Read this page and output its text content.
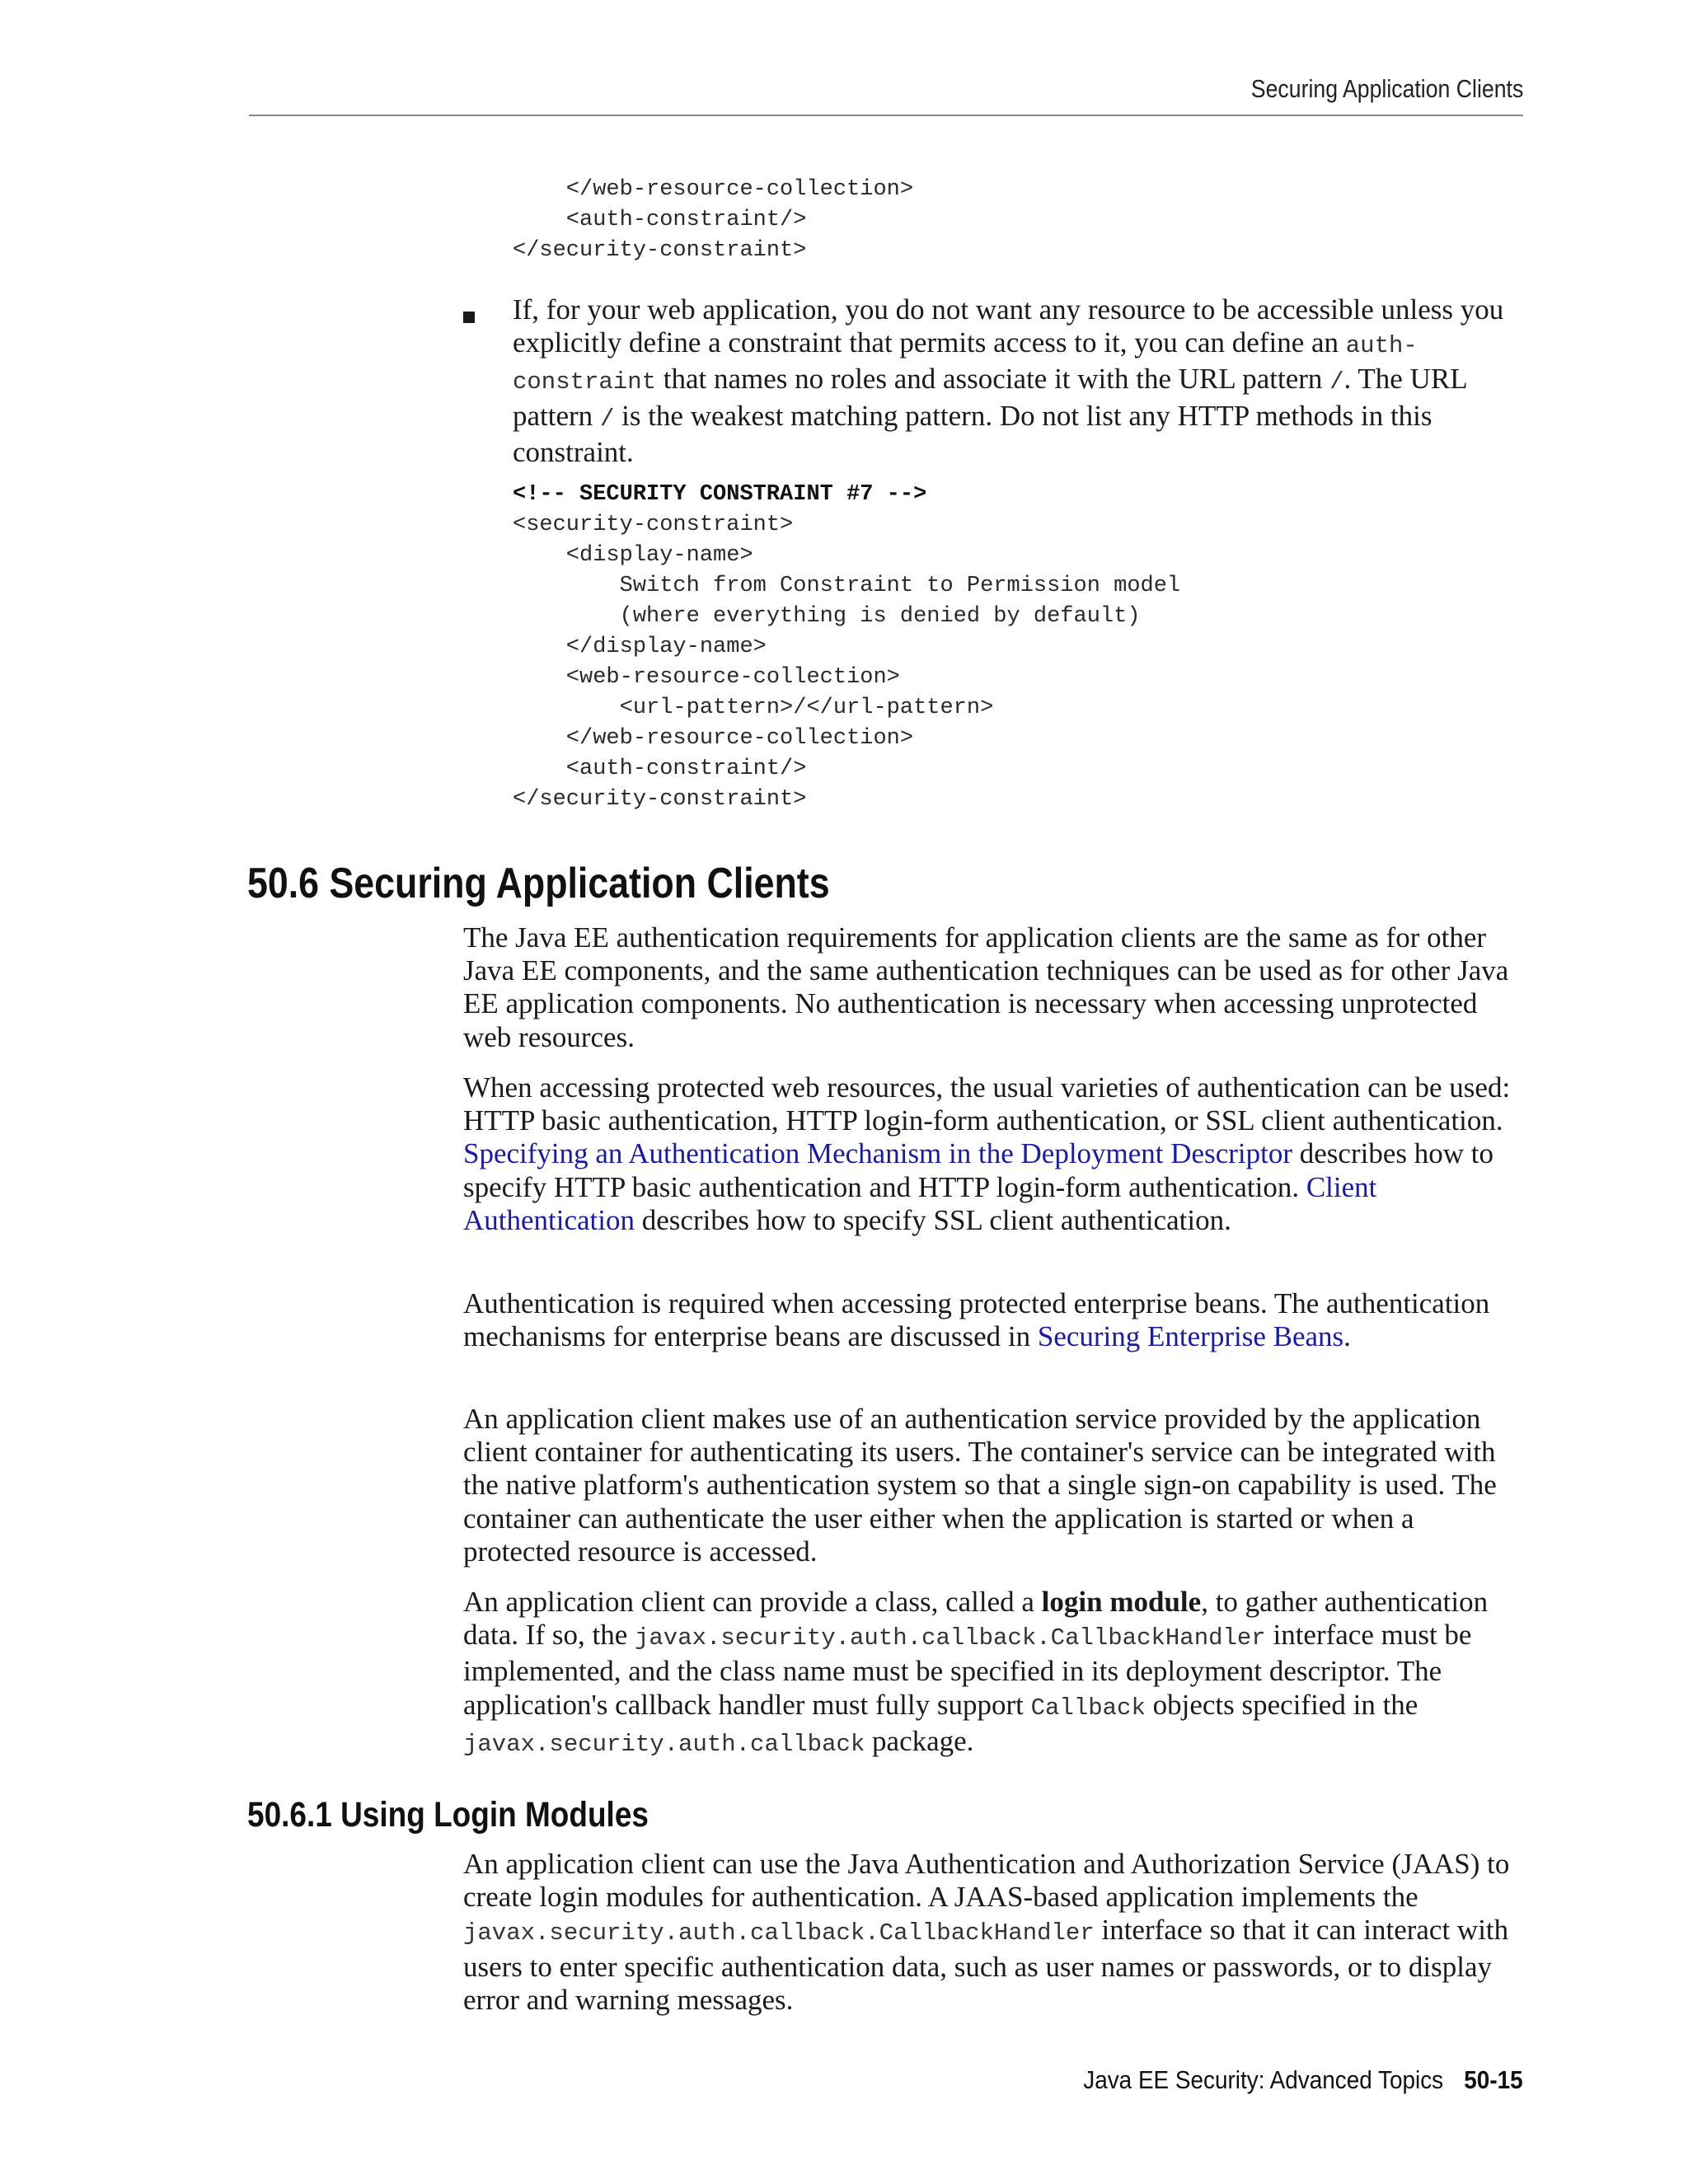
Securing Application Clients
</web-resource-collection>
<auth-constraint/>
</security-constraint>

If, for your web application, you do not want any resource to be accessible unless you explicitly define a constraint that permits access to it, you can define an auth-constraint that names no roles and associate it with the URL pattern /. The URL pattern / is the weakest matching pattern. Do not list any HTTP methods in this constraint.

<!-- SECURITY CONSTRAINT #7 -->
<security-constraint>
<display-name>
Switch from Constraint to Permission model
(where everything is denied by default)
</display-name>
<web-resource-collection>
<url-pattern>/</url-pattern>
</web-resource-collection>
<auth-constraint/>
</security-constraint>
50.6 Securing Application Clients

The Java EE authentication requirements for application clients are the same as for other Java EE components, and the same authentication techniques can be used as for other Java EE application components. No authentication is necessary when accessing unprotected web resources.

When accessing protected web resources, the usual varieties of authentication can be used: HTTP basic authentication, HTTP login-form authentication, or SSL client authentication. Specifying an Authentication Mechanism in the Deployment Descriptor describes how to specify HTTP basic authentication and HTTP login-form authentication. Client Authentication describes how to specify SSL client authentication.

Authentication is required when accessing protected enterprise beans. The authentication mechanisms for enterprise beans are discussed in Securing Enterprise Beans.

An application client makes use of an authentication service provided by the application client container for authenticating its users. The container's service can be integrated with the native platform's authentication system so that a single sign-on capability is used. The container can authenticate the user either when the application is started or when a protected resource is accessed.

An application client can provide a class, called a login module, to gather authentication data. If so, the javax.security.auth.callback.CallbackHandler interface must be implemented, and the class name must be specified in its deployment descriptor. The application's callback handler must fully support Callback objects specified in the javax.security.auth.callback package.

50.6.1 Using Login Modules

An application client can use the Java Authentication and Authorization Service (JAAS) to create login modules for authentication. A JAAS-based application implements the javax.security.auth.callback.CallbackHandler interface so that it can interact with users to enter specific authentication data, such as user names or passwords, or to display error and warning messages.

Java EE Security: Advanced Topics 50-15
